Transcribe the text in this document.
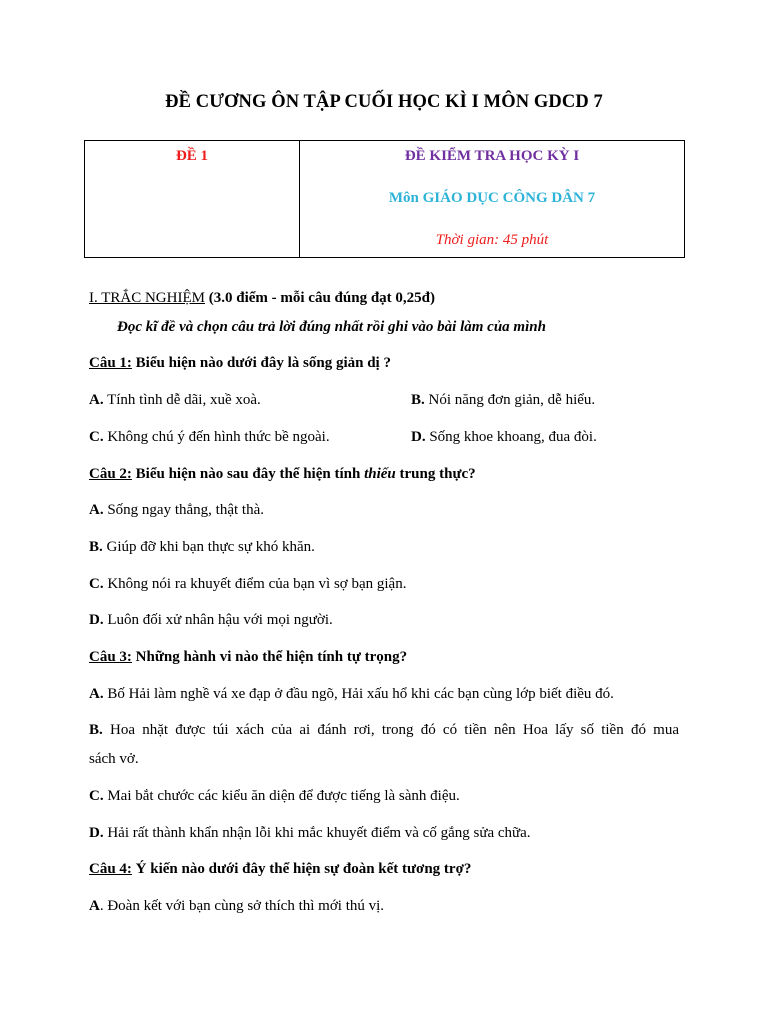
ĐỀ CƯƠNG ÔN TẬP CUỐI HỌC KÌ I MÔN GDCD 7
ĐỀ 1	ĐỀ KIỂM TRA HỌC KỲ I
Môn GIÁO DỤC CÔNG DÂN 7
Thời gian: 45 phút
I. TRẮC NGHIỆM (3.0 điểm - mỗi câu đúng đạt 0,25đ)
Đọc kĩ đề và chọn câu trả lời đúng nhất rồi ghi vào bài làm của mình
Câu 1: Biểu hiện nào dưới đây là sống giản dị ?
A. Tính tình dễ dãi, xuề xoà.	B. Nói năng đơn giản, dễ hiểu.
C. Không chú ý đến hình thức bề ngoài.	D. Sống khoe khoang, đua đòi.
Câu 2: Biểu hiện nào sau đây thể hiện tính thiếu trung thực?
A. Sống ngay thẳng, thật thà.
B. Giúp đỡ khi bạn thực sự khó khăn.
C. Không nói ra khuyết điểm của bạn vì sợ bạn giận.
D. Luôn đối xử nhân hậu với mọi người.
Câu 3: Những hành vi nào thể hiện tính tự trọng?
A. Bố Hải làm nghề vá xe đạp ở đầu ngõ, Hải xấu hổ khi các bạn cùng lớp biết điều đó.
B. Hoa nhặt được túi xách của ai đánh rơi, trong đó có tiền nên Hoa lấy số tiền đó mua
sách vở.
C. Mai bắt chước các kiểu ăn diện để được tiếng là sành điệu.
D. Hải rất thành khẩn nhận lỗi khi mắc khuyết điểm và cố gắng sửa chữa.
Câu 4: Ý kiến nào dưới đây thể hiện sự đoàn kết tương trợ?
A. Đoàn kết với bạn cùng sở thích thì mới thú vị.
